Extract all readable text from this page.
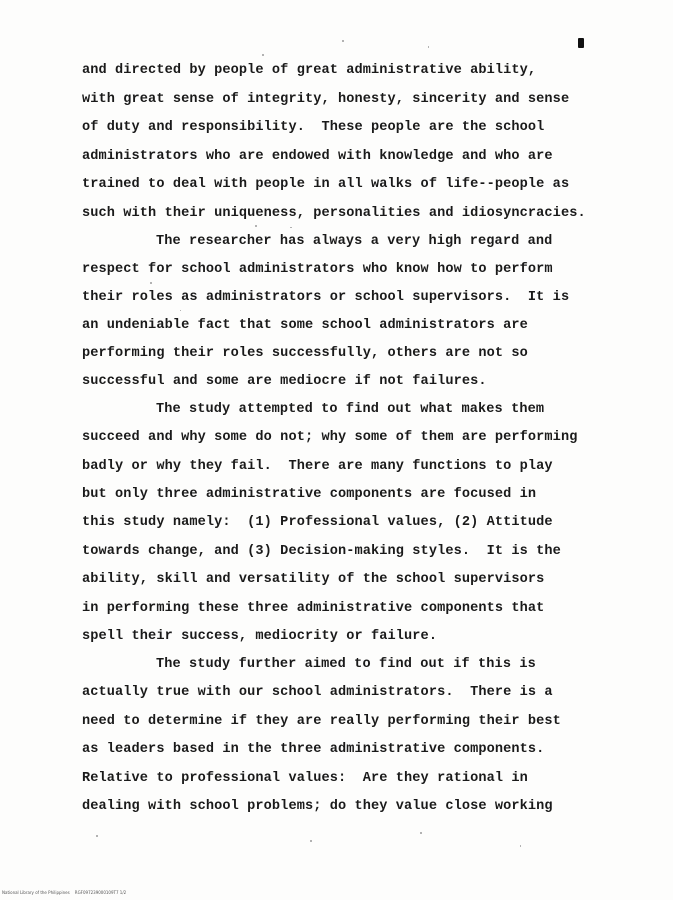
and directed by people of great administrative ability,

with great sense of integrity, honesty, sincerity and sense

of duty and responsibility.  These people are the school

administrators who are endowed with knowledge and who are

trained to deal with people in all walks of life--people as

such with their uniqueness, personalities and idiosyncracies.

The researcher has always a very high regard and

respect for school administrators who know how to perform

their roles as administrators or school supervisors.  It is

an undeniable fact that some school administrators are

performing their roles successfully, others are not so

successful and some are mediocre if not failures.

The study attempted to find out what makes them

succeed and why some do not; why some of them are performing

badly or why they fail.  There are many functions to play

but only three administrative components are focused in

this study namely:  (1) Professional values, (2) Attitude

towards change, and (3) Decision-making styles.  It is the

ability, skill and versatility of the school supervisors

in performing these three administrative components that

spell their success, mediocrity or failure.

The study further aimed to find out if this is

actually true with our school administrators.  There is a

need to determine if they are really performing their best

as leaders based in the three administrative components.

Relative to professional values:  Are they rational in

dealing with school problems; do they value close working

National Library of the Philippines    RGF097239000109T7 1/2
